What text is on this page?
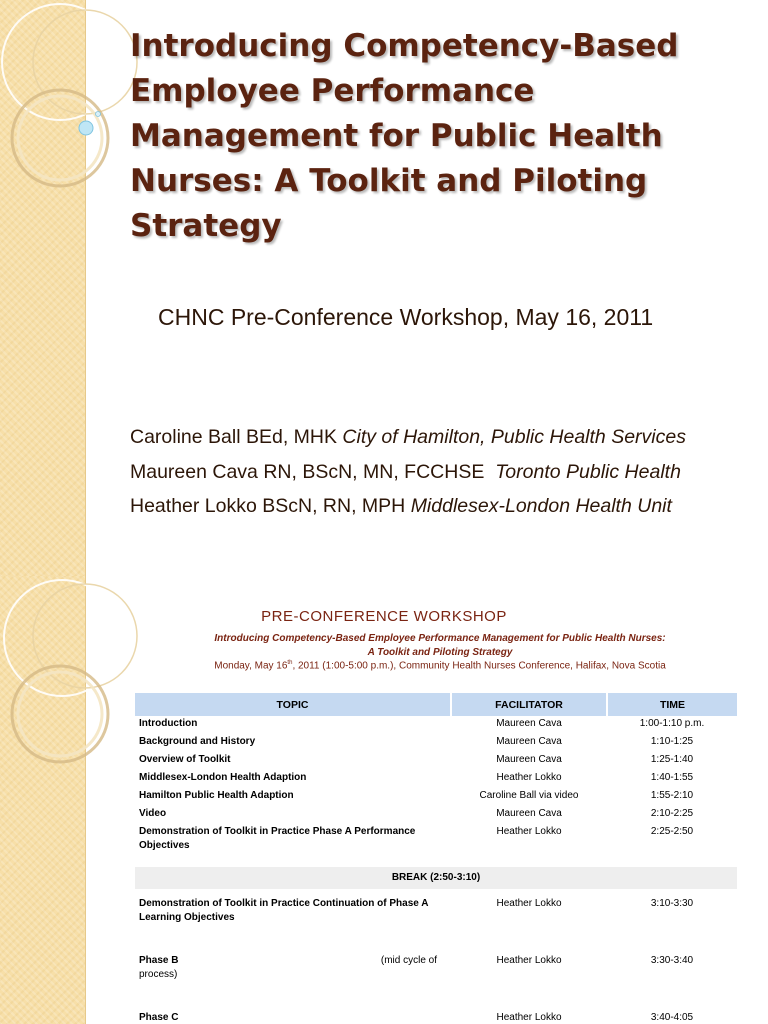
Introducing Competency-Based Employee Performance Management for Public Health Nurses: A Toolkit and Piloting Strategy
CHNC Pre-Conference Workshop, May 16, 2011
Caroline Ball BEd, MHK City of Hamilton, Public Health Services
Maureen Cava RN, BScN, MN, FCCHSE Toronto Public Health
Heather Lokko BScN, RN, MPH Middlesex-London Health Unit
PRE-CONFERENCE WORKSHOP
Introducing Competency-Based Employee Performance Management for Public Health Nurses:
A Toolkit and Piloting Strategy
Monday, May 16th, 2011 (1:00-5:00 p.m.), Community Health Nurses Conference, Halifax, Nova Scotia
TOPIC	FACILITATOR	TIME
Introduction	Maureen Cava	1:00-1:10 p.m.
Background and History	Maureen Cava	1:10-1:25
Overview of Toolkit	Maureen Cava	1:25-1:40
Middlesex-London Health Adaption	Heather Lokko	1:40-1:55
Hamilton Public Health Adaption	Caroline Ball via video	1:55-2:10
Video	Maureen Cava	2:10-2:25
Demonstration of Toolkit in Practice Phase A Performance Objectives	Heather Lokko	2:25-2:50
BREAK (2:50-3:10)		
Demonstration of Toolkit in Practice Continuation of Phase A Learning Objectives	Heather Lokko	3:10-3:30
Phase B (mid cycle of

process)	Heather Lokko	3:30-3:40
Phase C	Heather Lokko	3:40-4:05
